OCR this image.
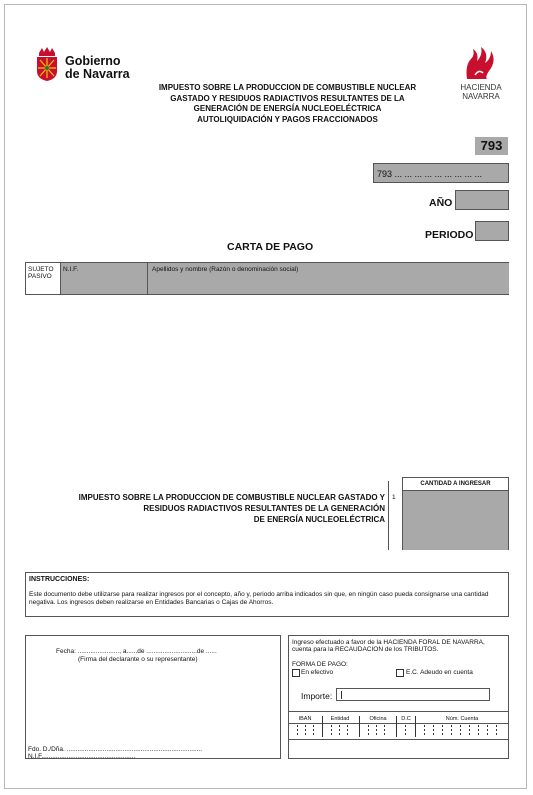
Gobierno
de Navarra
HACIENDA
NAVARRA
IMPUESTO SOBRE LA PRODUCCION DE COMBUSTIBLE NUCLEAR
GASTADO Y RESIDUOS RADIACTIVOS RESULTANTES DE LA
GENERACIÓN DE ENERGÍA NUCLEOELÉCTRICA
AUTOLIQUIDACIÓN Y PAGOS FRACCIONADOS
793
793 ... ... ... ... ... ... ... ... ...
AÑO
PERIODO
CARTA DE PAGO
SUJETO PASIVO
N.I.F.	Apellidos y nombre (Razón o denominación social)
IMPUESTO SOBRE LA PRODUCCION DE COMBUSTIBLE NUCLEAR GASTADO Y
RESIDUOS RADIACTIVOS RESULTANTES DE LA GENERACIÓN
DE ENERGÍA NUCLEOELÉCTRICA
1
CANTIDAD A INGRESAR
INSTRUCCIONES:
Este documento debe utilizarse para realizar ingresos por el concepto, año y, periodo arriba indicados sin que, en ningún caso pueda consignarse una cantidad negativa. Los ingresos deben realizarse en Entidades Bancarias o Cajas de Ahorros.
Fecha: ......................., a......de ............................de ......
(Firma del declarante o su representante)
Fdo. D./Dña. ...........................................................................
N.I.F....................................................
Ingreso efectuado a favor de la HACIENDA FORAL DE NAVARRA,
cuenta para la RECAUDACION de los TRIBUTOS.
FORMA DE PAGO:
En efectivo	E.C. Adeudo en cuenta
Importe:
IBAN	Entidad	Oficina	D.C	Núm. Cuenta
